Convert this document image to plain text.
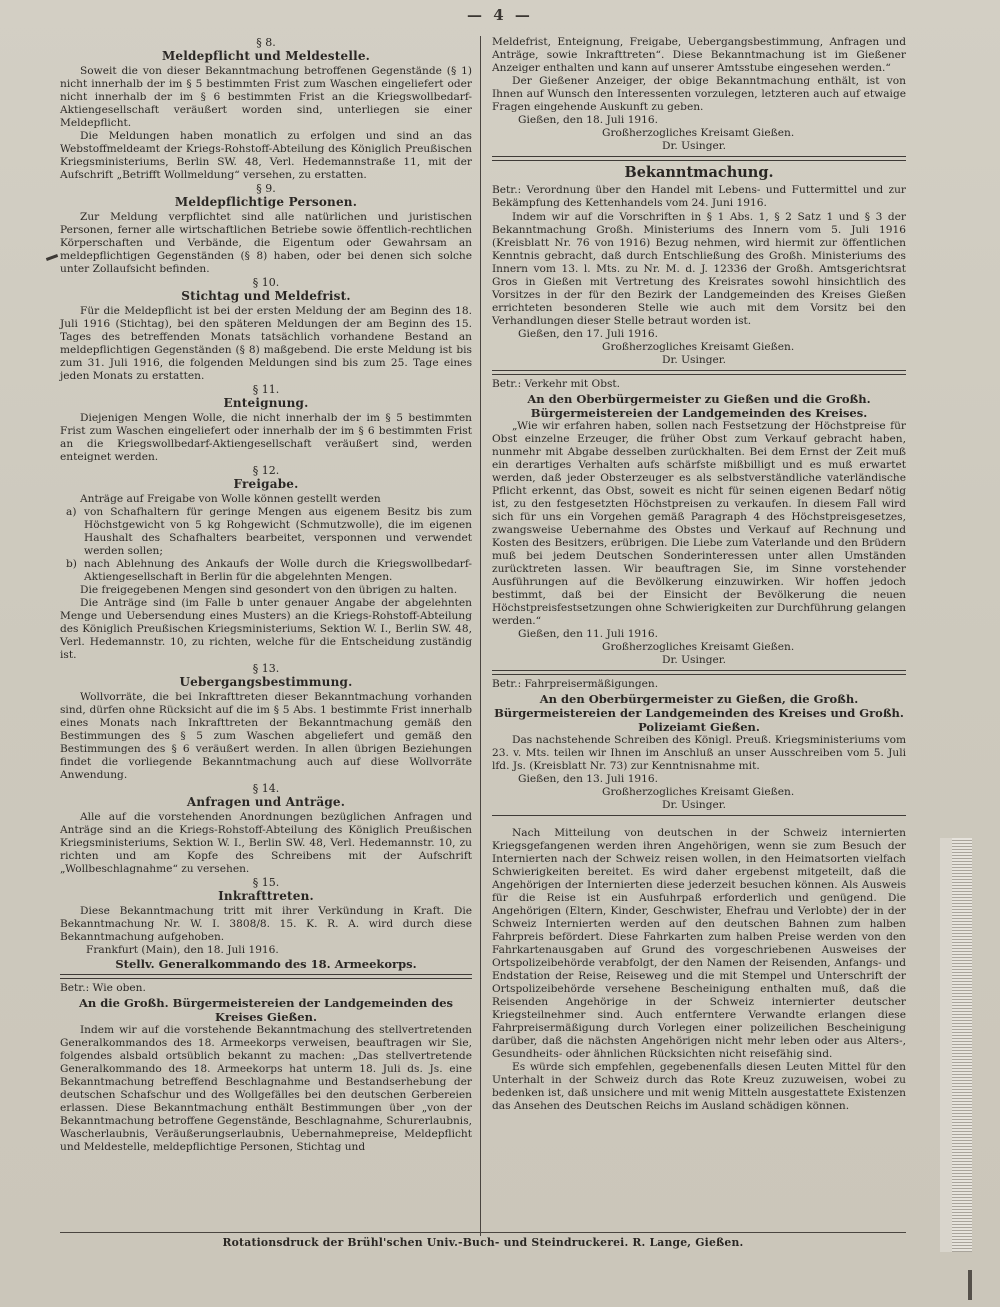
— 4 —

§ 8.

Meldepflicht und Meldestelle.

Soweit die von dieser Bekanntmachung betroffenen Gegenstände (§ 1) nicht innerhalb der im § 5 bestimmten Frist zum Waschen eingeliefert oder nicht innerhalb der im § 6 bestimmten Frist an die Kriegswollbedarf-Aktiengesellschaft veräußert worden sind, unterliegen sie einer Meldepflicht.

Die Meldungen haben monatlich zu erfolgen und sind an das Webstoffmeldeamt der Kriegs-Rohstoff-Abteilung des Königlich Preußischen Kriegsministeriums, Berlin SW. 48, Verl. Hedemannstraße 11, mit der Aufschrift „Betrifft Wollmeldung“ versehen, zu erstatten.

§ 9.

Meldepflichtige Personen.

Zur Meldung verpflichtet sind alle natürlichen und juristischen Personen, ferner alle wirtschaftlichen Betriebe sowie öffentlich-rechtlichen Körperschaften und Verbände, die Eigentum oder Gewahrsam an meldepflichtigen Gegenständen (§ 8) haben, oder bei denen sich solche unter Zollaufsicht befinden.

§ 10.

Stichtag und Meldefrist.

Für die Meldepflicht ist bei der ersten Meldung der am Beginn des 18. Juli 1916 (Stichtag), bei den späteren Meldungen der am Beginn des 15. Tages des betreffenden Monats tatsächlich vorhandene Bestand an meldepflichtigen Gegenständen (§ 8) maßgebend. Die erste Meldung ist bis zum 31. Juli 1916, die folgenden Meldungen sind bis zum 25. Tage eines jeden Monats zu erstatten.

§ 11.

Enteignung.

Diejenigen Mengen Wolle, die nicht innerhalb der im § 5 bestimmten Frist zum Waschen eingeliefert oder innerhalb der im § 6 bestimmten Frist an die Kriegswollbedarf-Aktiengesellschaft veräußert sind, werden enteignet werden.

§ 12.

Freigabe.

Anträge auf Freigabe von Wolle können gestellt werden

a) von Schafhaltern für geringe Mengen aus eigenem Besitz bis zum Höchstgewicht von 5 kg Rohgewicht (Schmutzwolle), die im eigenen Haushalt des Schafhalters bearbeitet, versponnen und verwendet werden sollen;

b) nach Ablehnung des Ankaufs der Wolle durch die Kriegswollbedarf-Aktiengesellschaft in Berlin für die abgelehnten Mengen.

Die freigegebenen Mengen sind gesondert von den übrigen zu halten.

Die Anträge sind (im Falle b unter genauer Angabe der abgelehnten Menge und Uebersendung eines Musters) an die Kriegs-Rohstoff-Abteilung des Königlich Preußischen Kriegsministeriums, Sektion W. I., Berlin SW. 48, Verl. Hedemannstr. 10, zu richten, welche für die Entscheidung zuständig ist.

§ 13.

Uebergangsbestimmung.

Wollvorräte, die bei Inkrafttreten dieser Bekanntmachung vorhanden sind, dürfen ohne Rücksicht auf die im § 5 Abs. 1 bestimmte Frist innerhalb eines Monats nach Inkrafttreten der Bekanntmachung gemäß den Bestimmungen des § 5 zum Waschen abgeliefert und gemäß den Bestimmungen des § 6 veräußert werden. In allen übrigen Beziehungen findet die vorliegende Bekanntmachung auch auf diese Wollvorräte Anwendung.

§ 14.

Anfragen und Anträge.

Alle auf die vorstehenden Anordnungen bezüglichen Anfragen und Anträge sind an die Kriegs-Rohstoff-Abteilung des Königlich Preußischen Kriegsministeriums, Sektion W. I., Berlin SW. 48, Verl. Hedemannstr. 10, zu richten und am Kopfe des Schreibens mit der Aufschrift „Wollbeschlagnahme“ zu versehen.

§ 15.

Inkrafttreten.

Diese Bekanntmachung tritt mit ihrer Verkündung in Kraft. Die Bekanntmachung Nr. W. I. 3808/8. 15. K. R. A. wird durch diese Bekanntmachung aufgehoben.

Frankfurt (Main), den 18. Juli 1916.

Stellv. Generalkommando des 18. Armeekorps.

Betr.: Wie oben.

An die Großh. Bürgermeistereien der Landgemeinden des Kreises Gießen.

Indem wir auf die vorstehende Bekanntmachung des stellvertretenden Generalkommandos des 18. Armeekorps verweisen, beauftragen wir Sie, folgendes alsbald ortsüblich bekannt zu machen: „Das stellvertretende Generalkommando des 18. Armeekorps hat unterm 18. Juli ds. Js. eine Bekanntmachung betreffend Beschlagnahme und Bestandserhebung der deutschen Schafschur und des Wollgefälles bei den deutschen Gerbereien erlassen. Diese Bekanntmachung enthält Bestimmungen über „von der Bekanntmachung betroffene Gegenstände, Beschlagnahme, Schurerlaubnis, Wascherlaubnis, Veräußerungserlaubnis, Uebernahmepreise, Meldepflicht und Meldestelle, meldepflichtige Personen, Stichtag und

Meldefrist, Enteignung, Freigabe, Uebergangsbestimmung, Anfragen und Anträge, sowie Inkrafttreten“. Diese Bekanntmachung ist im Gießener Anzeiger enthalten und kann auf unserer Amtsstube eingesehen werden.“

Der Gießener Anzeiger, der obige Bekanntmachung enthält, ist von Ihnen auf Wunsch den Interessenten vorzulegen, letzteren auch auf etwaige Fragen eingehende Auskunft zu geben.

Gießen, den 18. Juli 1916.

Großherzogliches Kreisamt Gießen.

Dr. Usinger.

Bekanntmachung.

Betr.: Verordnung über den Handel mit Lebens- und Futtermittel und zur Bekämpfung des Kettenhandels vom 24. Juni 1916.

Indem wir auf die Vorschriften in § 1 Abs. 1, § 2 Satz 1 und § 3 der Bekanntmachung Großh. Ministeriums des Innern vom 5. Juli 1916 (Kreisblatt Nr. 76 von 1916) Bezug nehmen, wird hiermit zur öffentlichen Kenntnis gebracht, daß durch Entschließung des Großh. Ministeriums des Innern vom 13. l. Mts. zu Nr. M. d. J. 12336 der Großh. Amtsgerichtsrat Gros in Gießen mit Vertretung des Kreisrates sowohl hinsichtlich des Vorsitzes in der für den Bezirk der Landgemeinden des Kreises Gießen errichteten besonderen Stelle wie auch mit dem Vorsitz bei den Verhandlungen dieser Stelle betraut worden ist.

Gießen, den 17. Juli 1916.

Großherzogliches Kreisamt Gießen.

Dr. Usinger.

Betr.: Verkehr mit Obst.

An den Oberbürgermeister zu Gießen und die Großh. Bürgermeistereien der Landgemeinden des Kreises.

„Wie wir erfahren haben, sollen nach Festsetzung der Höchstpreise für Obst einzelne Erzeuger, die früher Obst zum Verkauf gebracht haben, nunmehr mit Abgabe desselben zurückhalten. Bei dem Ernst der Zeit muß ein derartiges Verhalten aufs schärfste mißbilligt und es muß erwartet werden, daß jeder Obsterzeuger es als selbstverständliche vaterländische Pflicht erkennt, das Obst, soweit es nicht für seinen eigenen Bedarf nötig ist, zu den festgesetzten Höchstpreisen zu verkaufen. In diesem Fall wird sich für uns ein Vorgehen gemäß Paragraph 4 des Höchstpreisgesetzes, zwangsweise Uebernahme des Obstes und Verkauf auf Rechnung und Kosten des Besitzers, erübrigen. Die Liebe zum Vaterlande und den Brüdern muß bei jedem Deutschen Sonderinteressen unter allen Umständen zurücktreten lassen. Wir beauftragen Sie, im Sinne vorstehender Ausführungen auf die Bevölkerung einzuwirken. Wir hoffen jedoch bestimmt, daß bei der Einsicht der Bevölkerung die neuen Höchstpreisfestsetzungen ohne Schwierigkeiten zur Durchführung gelangen werden.“

Gießen, den 11. Juli 1916.

Großherzogliches Kreisamt Gießen.

Dr. Usinger.

Betr.: Fahrpreisermäßigungen.

An den Oberbürgermeister zu Gießen, die Großh. Bürgermeistereien der Landgemeinden des Kreises und Großh. Polizeiamt Gießen.

Das nachstehende Schreiben des Königl. Preuß. Kriegsministeriums vom 23. v. Mts. teilen wir Ihnen im Anschluß an unser Ausschreiben vom 5. Juli lfd. Js. (Kreisblatt Nr. 73) zur Kenntnisnahme mit.

Gießen, den 13. Juli 1916.

Großherzogliches Kreisamt Gießen.

Dr. Usinger.

Nach Mitteilung von deutschen in der Schweiz internierten Kriegsgefangenen werden ihren Angehörigen, wenn sie zum Besuch der Internierten nach der Schweiz reisen wollen, in den Heimatsorten vielfach Schwierigkeiten bereitet. Es wird daher ergebenst mitgeteilt, daß die Angehörigen der Internierten diese jederzeit besuchen können. Als Ausweis für die Reise ist ein Ausfuhrpaß erforderlich und genügend. Die Angehörigen (Eltern, Kinder, Geschwister, Ehefrau und Verlobte) der in der Schweiz Internierten werden auf den deutschen Bahnen zum halben Fahrpreis befördert. Diese Fahrkarten zum halben Preise werden von den Fahrkartenausgaben auf Grund des vorgeschriebenen Ausweises der Ortspolizeibehörde verabfolgt, der den Namen der Reisenden, Anfangs- und Endstation der Reise, Reiseweg und die mit Stempel und Unterschrift der Ortspolizeibehörde versehene Bescheinigung enthalten muß, daß die Reisenden Angehörige in der Schweiz internierter deutscher Kriegsteilnehmer sind. Auch entferntere Verwandte erlangen diese Fahrpreisermäßigung durch Vorlegen einer polizeilichen Bescheinigung darüber, daß die nächsten Angehörigen nicht mehr leben oder aus Alters-, Gesundheits- oder ähnlichen Rücksichten nicht reisefähig sind.

Es würde sich empfehlen, gegebenenfalls diesen Leuten Mittel für den Unterhalt in der Schweiz durch das Rote Kreuz zuzuweisen, wobei zu bedenken ist, daß unsichere und mit wenig Mitteln ausgestattete Existenzen das Ansehen des Deutschen Reichs im Ausland schädigen können.

Rotationsdruck der Brühl'schen Univ.-Buch- und Steindruckerei. R. Lange, Gießen.
